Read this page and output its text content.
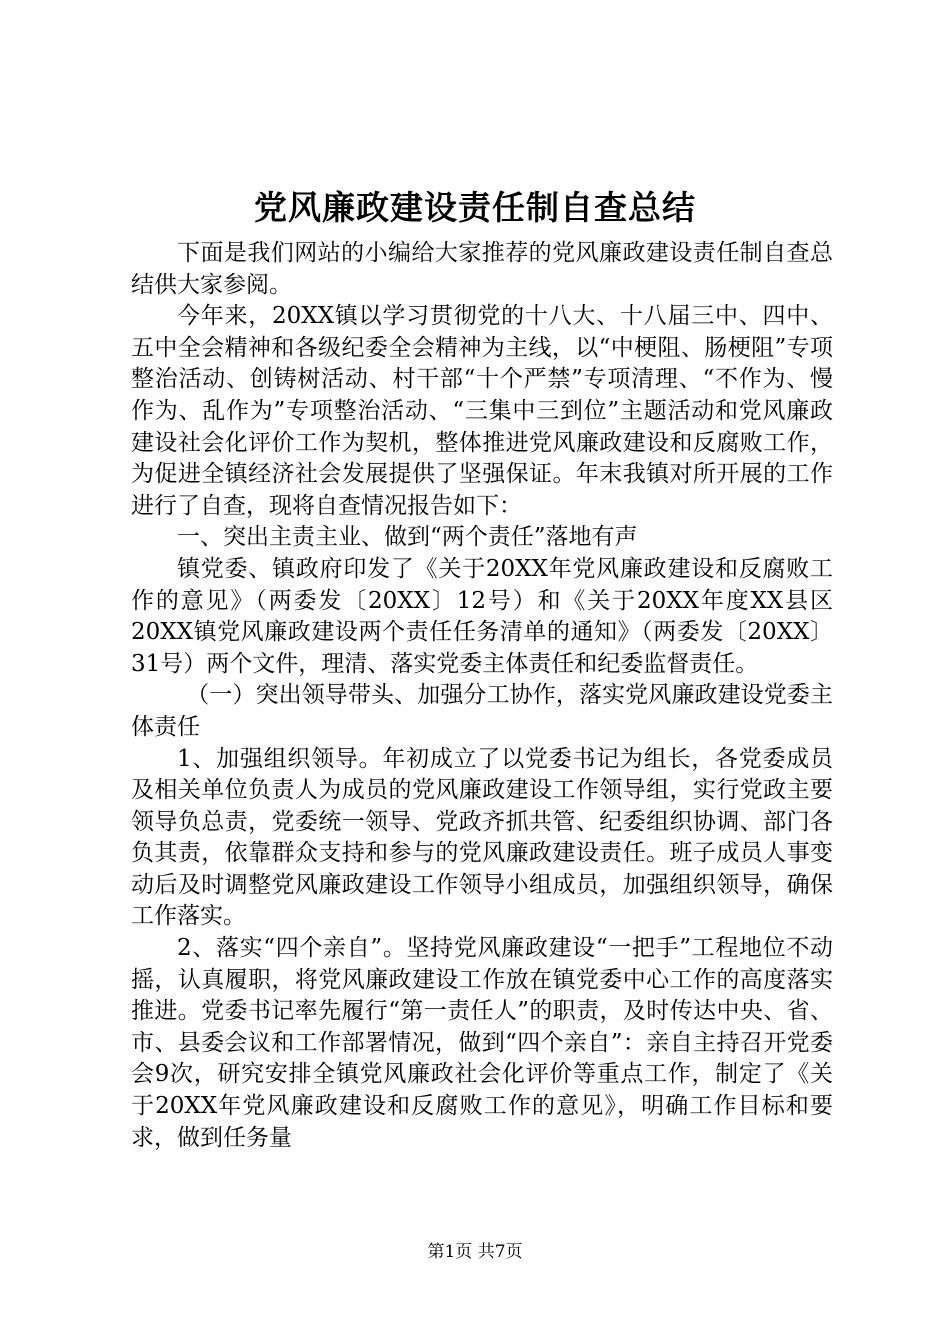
党风廉政建设责任制自查总结

下面是我们网站的小编给大家推荐的党风廉政建设责任制自查总结供大家参阅。

今年来，20XX镇以学习贯彻党的十八大、十八届三中、四中、五中全会精神和各级纪委全会精神为主线，以“中梗阻、肠梗阻”专项整治活动、创铸树活动、村干部“十个严禁”专项清理、“不作为、慢作为、乱作为”专项整治活动、“三集中三到位”主题活动和党风廉政建设社会化评价工作为契机，整体推进党风廉政建设和反腐败工作，为促进全镇经济社会发展提供了坚强保证。年末我镇对所开展的工作进行了自查，现将自查情况报告如下：

一、突出主责主业、做到“两个责任”落地有声

镇党委、镇政府印发了《关于20XX年党风廉政建设和反腐败工作的意见》（两委发〔20XX〕12号）和《关于20XX年度XX县区20XX镇党风廉政建设两个责任任务清单的通知》（两委发〔20XX〕31号）两个文件，理清、落实党委主体责任和纪委监督责任。

（一）突出领导带头、加强分工协作，落实党风廉政建设党委主体责任

1、加强组织领导。年初成立了以党委书记为组长，各党委成员及相关单位负责人为成员的党风廉政建设工作领导组，实行党政主要领导负总责，党委统一领导、党政齐抓共管、纪委组织协调、部门各负其责，依靠群众支持和参与的党风廉政建设责任。班子成员人事变动后及时调整党风廉政建设工作领导小组成员，加强组织领导，确保工作落实。

2、落实“四个亲自”。坚持党风廉政建设“一把手”工程地位不动摇，认真履职，将党风廉政建设工作放在镇党委中心工作的高度落实推进。党委书记率先履行“第一责任人”的职责，及时传达中央、省、市、县委会议和工作部署情况，做到“四个亲自”：亲自主持召开党委会9次，研究安排全镇党风廉政社会化评价等重点工作，制定了《关于20XX年党风廉政建设和反腐败工作的意见》，明确工作目标和要求，做到任务量

第1页 共7页
